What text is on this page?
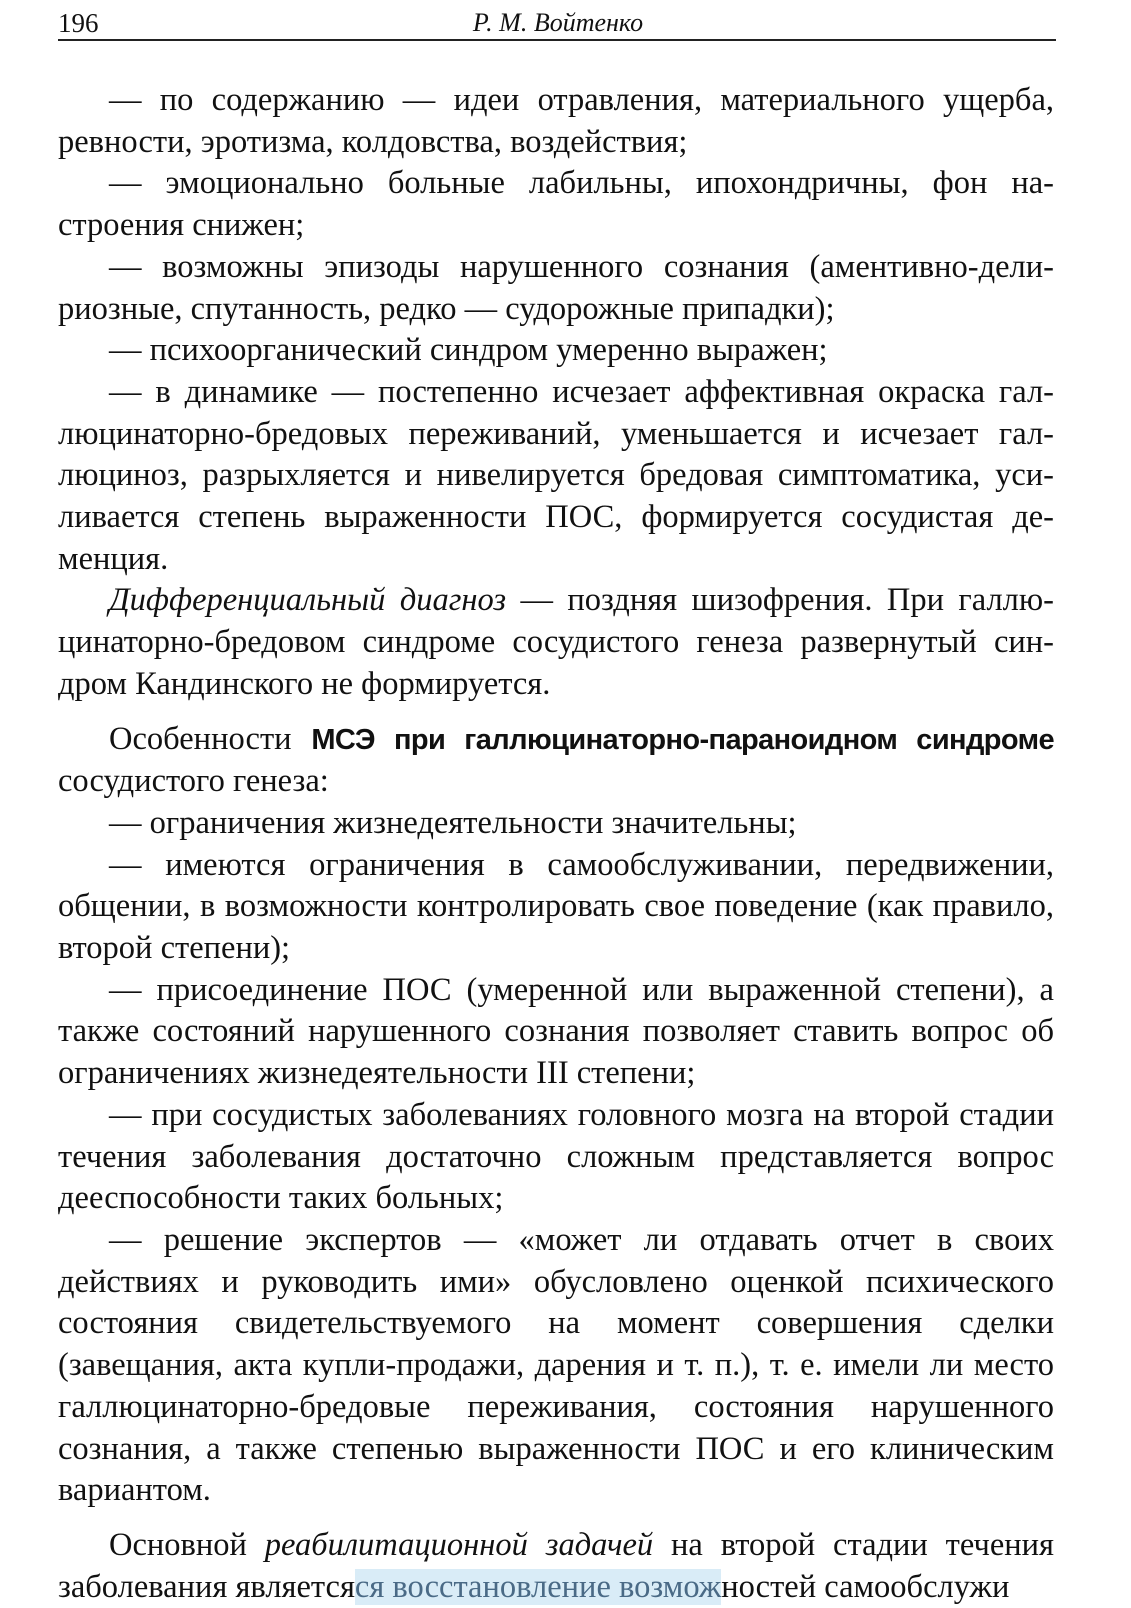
196	Р. М. Войтенко

— по содержанию — идеи отравления, материального ущерба, ревности, эротизма, колдовства, воздействия;

— эмоционально больные лабильны, ипохондричны, фон настроения снижен;

— возможны эпизоды нарушенного сознания (аментивно-делириозные, спутанность, редко — судорожные припадки);

— психоорганический синдром умеренно выражен;

— в динамике — постепенно исчезает аффективная окраска галлюцинаторно-бредовых переживаний, уменьшается и исчезает галлюциноз, разрыхляется и нивелируется бредовая симптоматика, усиливается степень выраженности ПОС, формируется сосудистая деменция.

Дифференциальный диагноз — поздняя шизофрения. При галлюцинаторно-бредовом синдроме сосудистого генеза развернутый синдром Кандинского не формируется.

Особенности МСЭ при галлюцинаторно-параноидном синдроме сосудистого генеза:

— ограничения жизнедеятельности значительны;

— имеются ограничения в самообслуживании, передвижении, общении, в возможности контролировать свое поведение (как правило, второй степени);

— присоединение ПОС (умеренной или выраженной степени), а также состояний нарушенного сознания позволяет ставить вопрос об ограничениях жизнедеятельности III степени;

— при сосудистых заболеваниях головного мозга на второй стадии течения заболевания достаточно сложным представляется вопрос дееспособности таких больных;

— решение экспертов — «может ли отдавать отчет в своих действиях и руководить ими» обусловлено оценкой психического состояния свидетельствуемого на момент совершения сделки (завещания, акта купли-продажи, дарения и т. п.), т. е. имели ли место галлюцинаторно-бредовые переживания, состояния нарушенного сознания, а также степенью выраженности ПОС и его клиническим вариантом.

Основной реабилитационной задачей на второй стадии течения заболевания являетсяся восстановление возможностей самообслужи
